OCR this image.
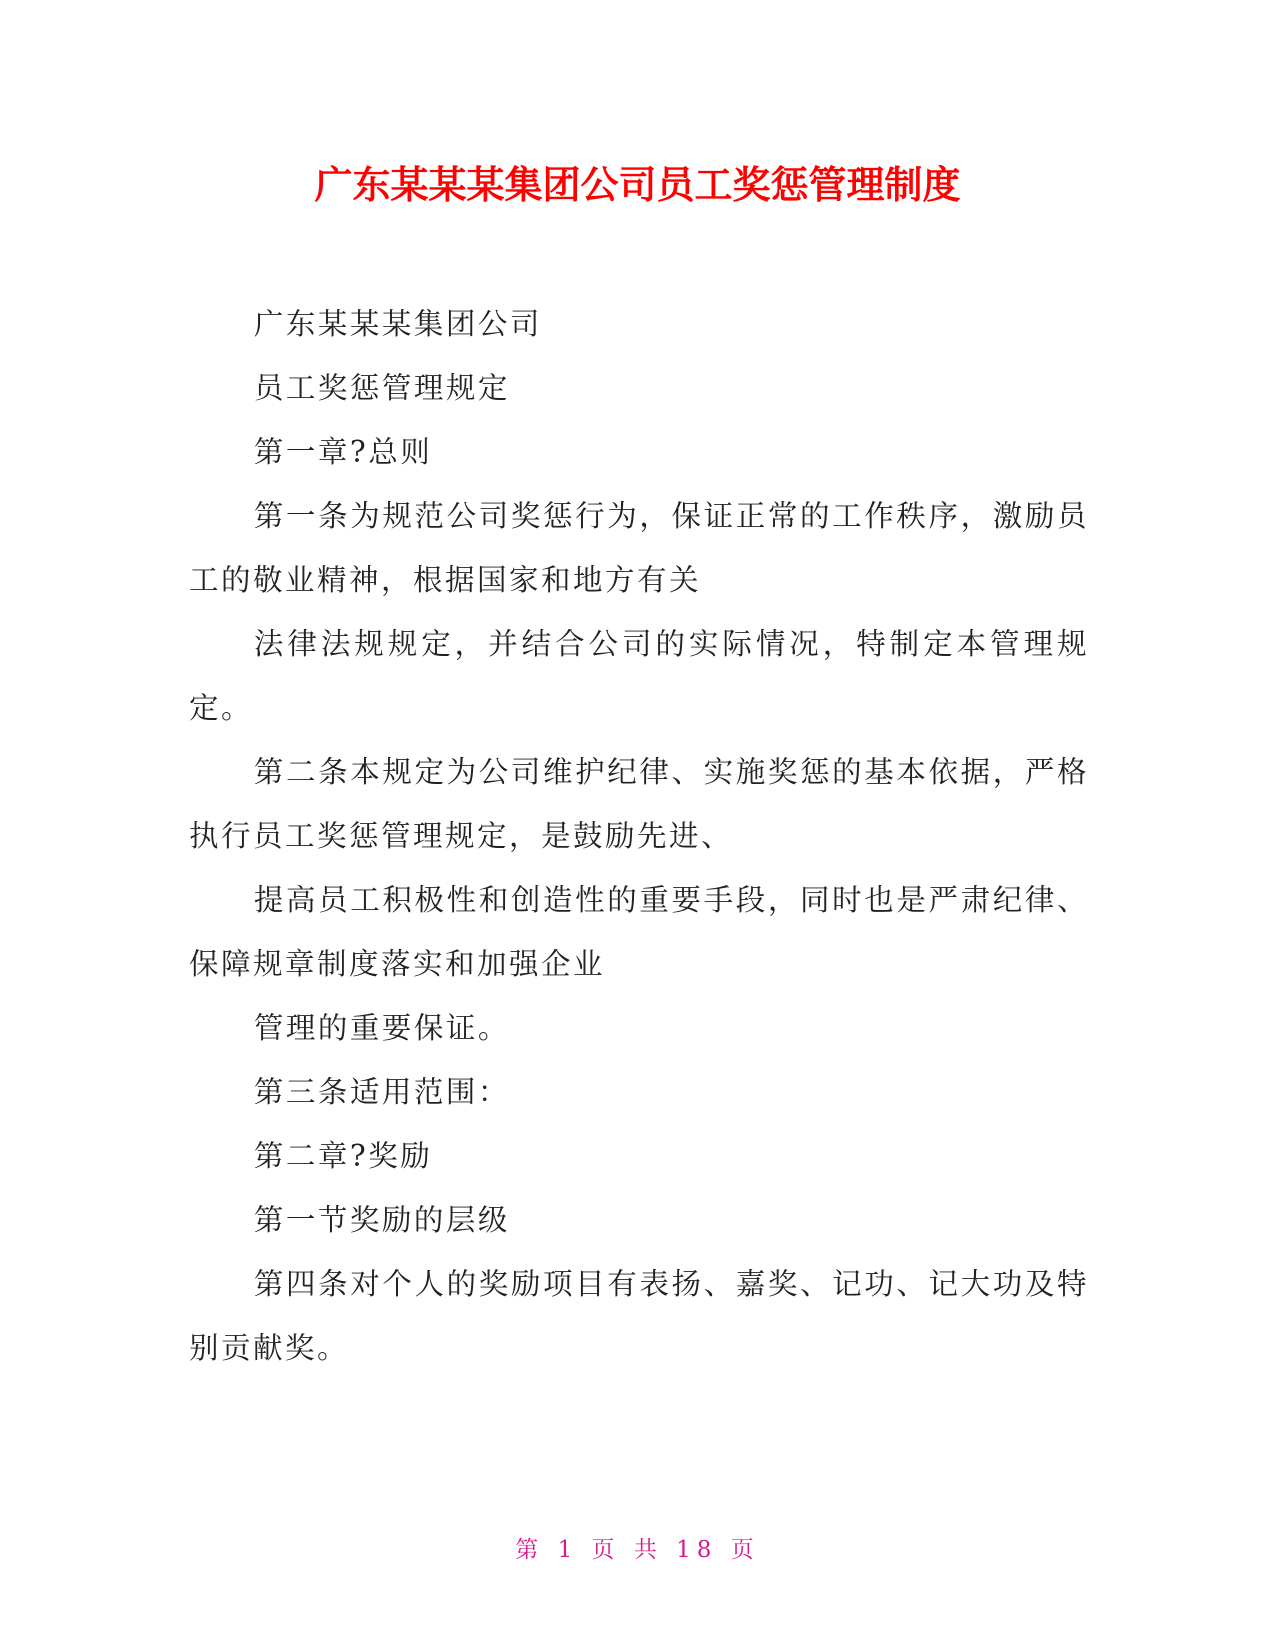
广东某某某集团公司员工奖惩管理制度

广东某某某集团公司

员工奖惩管理规定

第一章?总则

第一条为规范公司奖惩行为，保证正常的工作秩序，激励员工的敬业精神，根据国家和地方有关

法律法规规定，并结合公司的实际情况，特制定本管理规定。

第二条本规定为公司维护纪律、实施奖惩的基本依据，严格执行员工奖惩管理规定，是鼓励先进、

提高员工积极性和创造性的重要手段，同时也是严肃纪律、保障规章制度落实和加强企业

管理的重要保证。

第三条适用范围：

第二章?奖励

第一节奖励的层级

第四条对个人的奖励项目有表扬、嘉奖、记功、记大功及特别贡献奖。

第 1 页 共 18 页
